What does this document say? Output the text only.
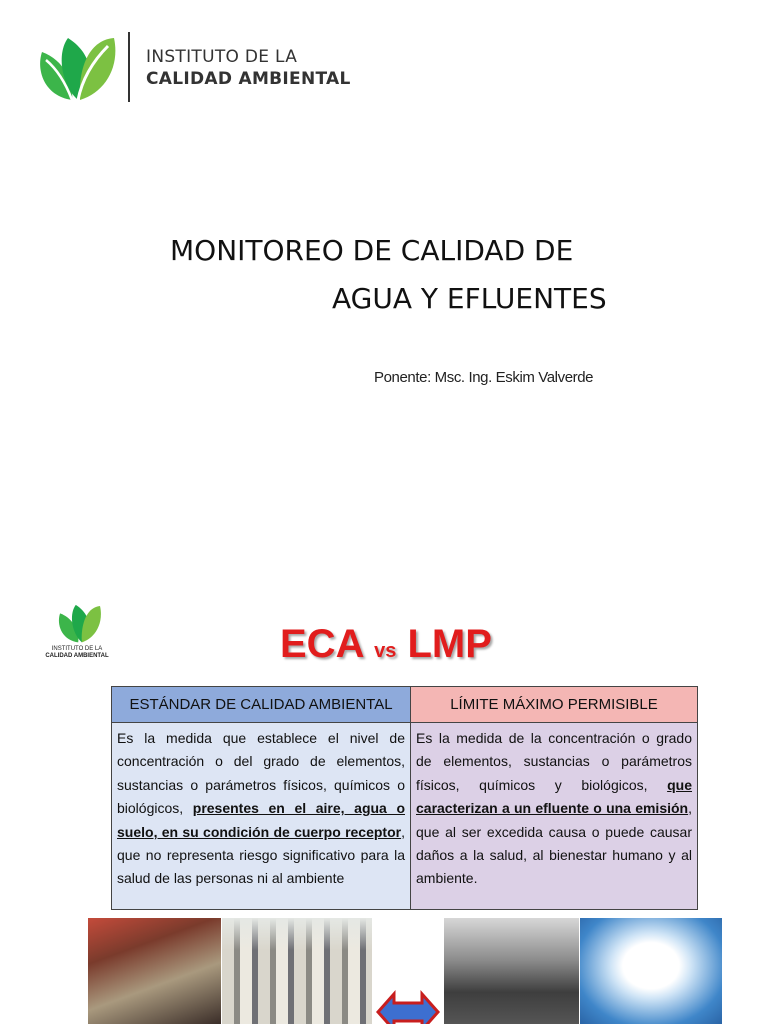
INSTITUTO DE LA
CALIDAD AMBIENTAL
MONITOREO DE CALIDAD DE
AGUA Y EFLUENTES
Ponente: Msc. Ing. Eskim Valverde
INSTITUTO DE LA
CALIDAD AMBIENTAL	ECA vs LMP
ESTÁNDAR DE CALIDAD AMBIENTAL
Es la medida que establece el nivel de concentración o del grado de elementos, sustancias o parámetros físicos, químicos o biológicos, presentes en el aire, agua o suelo, en su condición de cuerpo receptor, que no representa riesgo significativo para la salud de las personas ni al ambiente
LÍMITE MÁXIMO PERMISIBLE
Es la medida de la concentración o grado de elementos, sustancias o parámetros físicos, químicos y biológicos, que caracterizan a un efluente o una emisión, que al ser excedida causa o puede causar daños a la salud, al bienestar humano y al ambiente.
